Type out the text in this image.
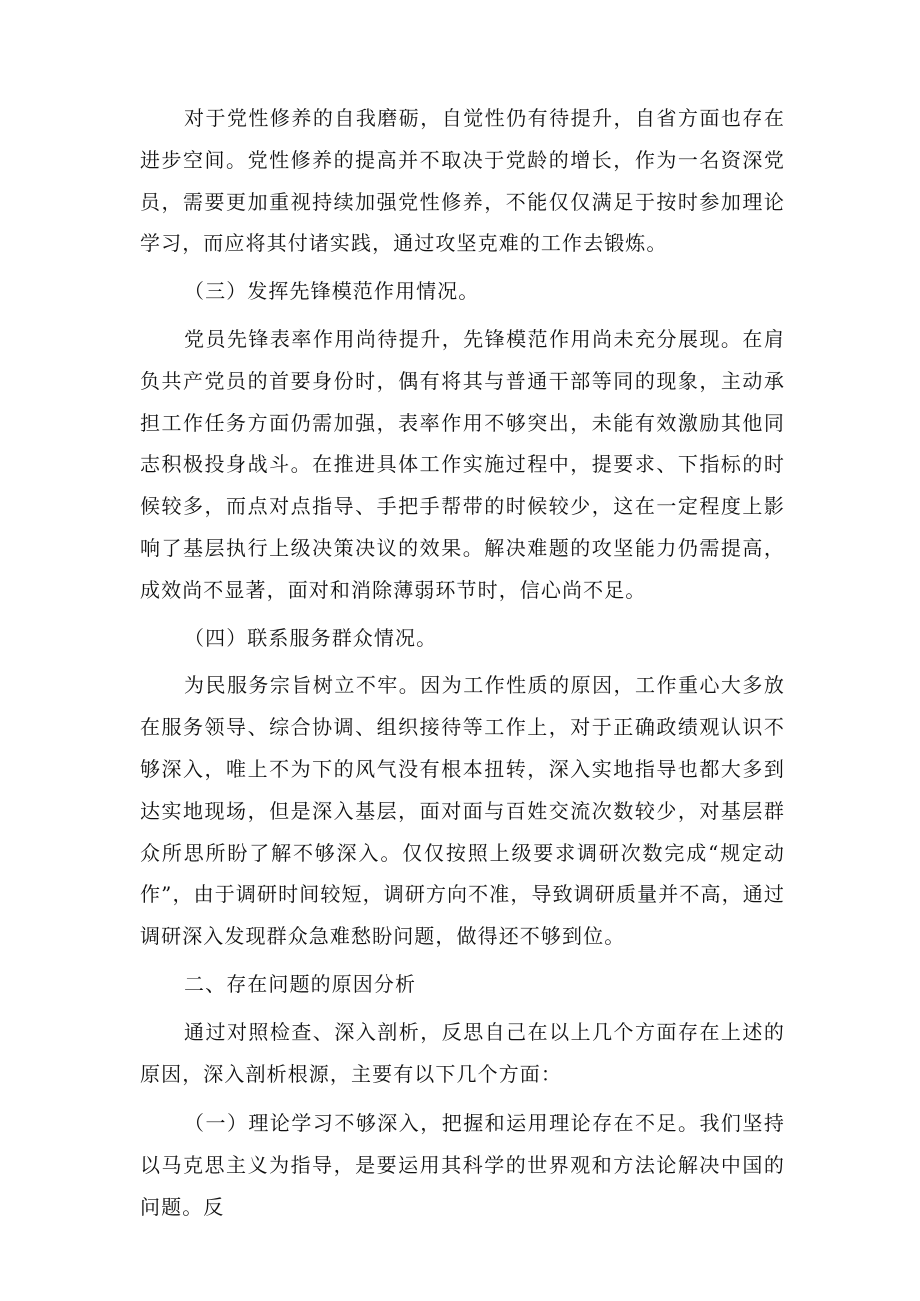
对于党性修养的自我磨砺，自觉性仍有待提升，自省方面也存在进步空间。党性修养的提高并不取决于党龄的增长，作为一名资深党员，需要更加重视持续加强党性修养，不能仅仅满足于按时参加理论学习，而应将其付诸实践，通过攻坚克难的工作去锻炼。

（三）发挥先锋模范作用情况。

党员先锋表率作用尚待提升，先锋模范作用尚未充分展现。在肩负共产党员的首要身份时，偶有将其与普通干部等同的现象，主动承担工作任务方面仍需加强，表率作用不够突出，未能有效激励其他同志积极投身战斗。在推进具体工作实施过程中，提要求、下指标的时候较多，而点对点指导、手把手帮带的时候较少，这在一定程度上影响了基层执行上级决策决议的效果。解决难题的攻坚能力仍需提高，成效尚不显著，面对和消除薄弱环节时，信心尚不足。

（四）联系服务群众情况。

为民服务宗旨树立不牢。因为工作性质的原因，工作重心大多放在服务领导、综合协调、组织接待等工作上，对于正确政绩观认识不够深入，唯上不为下的风气没有根本扭转，深入实地指导也都大多到达实地现场，但是深入基层，面对面与百姓交流次数较少，对基层群众所思所盼了解不够深入。仅仅按照上级要求调研次数完成“规定动作”，由于调研时间较短，调研方向不准，导致调研质量并不高，通过调研深入发现群众急难愁盼问题，做得还不够到位。

二、存在问题的原因分析

通过对照检查、深入剖析，反思自己在以上几个方面存在上述的原因，深入剖析根源，主要有以下几个方面：

（一）理论学习不够深入，把握和运用理论存在不足。我们坚持以马克思主义为指导，是要运用其科学的世界观和方法论解决中国的问题。反
